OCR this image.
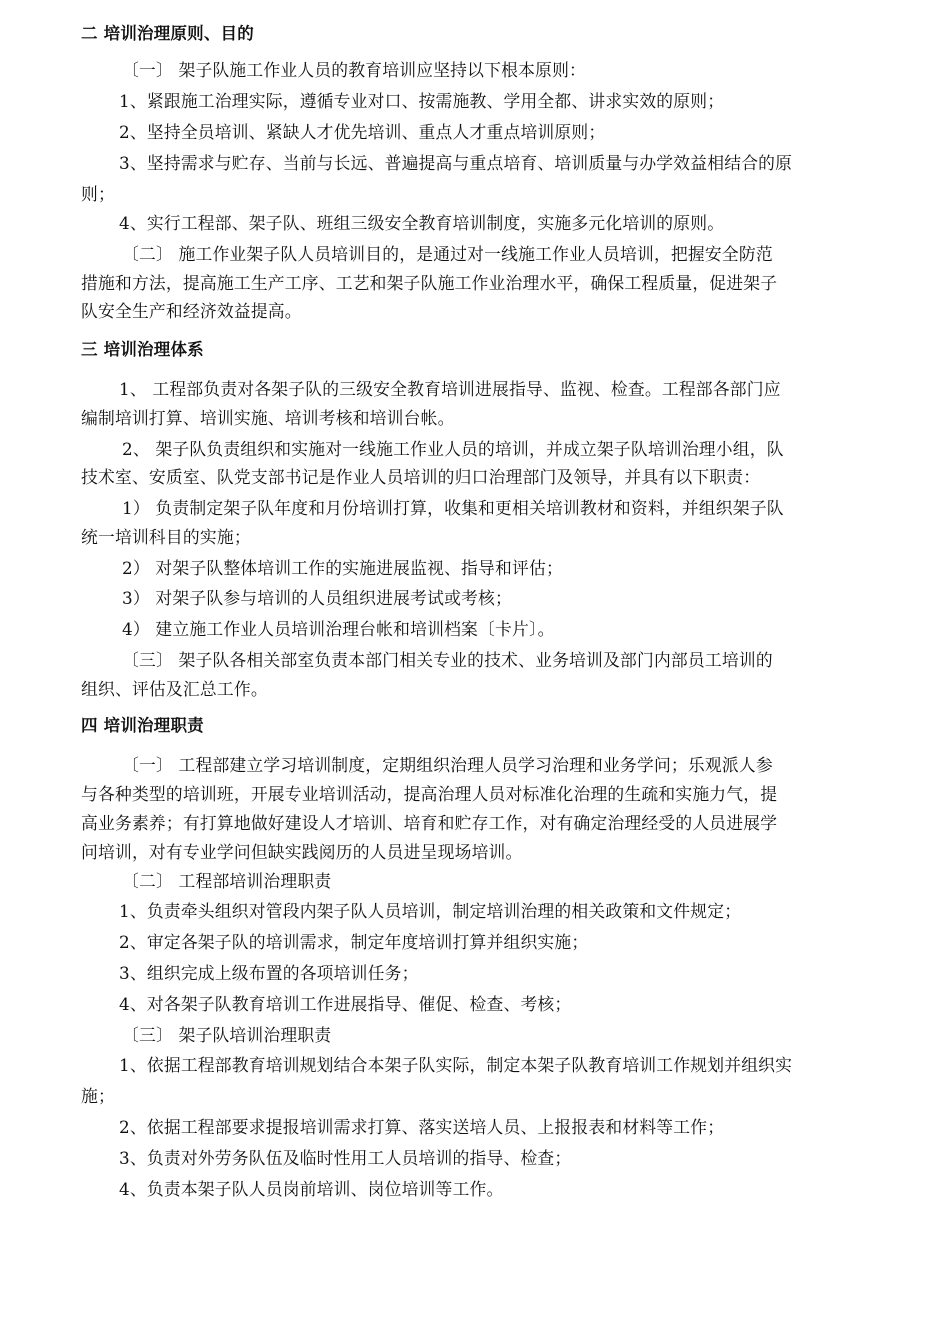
二 培训治理原则、目的
〔一〕 架子队施工作业人员的教育培训应坚持以下根本原则：
1、紧跟施工治理实际，遵循专业对口、按需施教、学用全都、讲求实效的原则；
2、坚持全员培训、紧缺人才优先培训、重点人才重点培训原则；
3、坚持需求与贮存、当前与长远、普遍提高与重点培育、培训质量与办学效益相结合的原
则；
4、实行工程部、架子队、班组三级安全教育培训制度，实施多元化培训的原则。
〔二〕 施工作业架子队人员培训目的，是通过对一线施工作业人员培训，把握安全防范
措施和方法，提高施工生产工序、工艺和架子队施工作业治理水平，确保工程质量，促进架子
队安全生产和经济效益提高。
三 培训治理体系
1、 工程部负责对各架子队的三级安全教育培训进展指导、监视、检查。工程部各部门应
编制培训打算、培训实施、培训考核和培训台帐。
2、 架子队负责组织和实施对一线施工作业人员的培训，并成立架子队培训治理小组，队
技术室、安质室、队党支部书记是作业人员培训的归口治理部门及领导，并具有以下职责：
1） 负责制定架子队年度和月份培训打算，收集和更相关培训教材和资料，并组织架子队
统一培训科目的实施；
2） 对架子队整体培训工作的实施进展监视、指导和评估；
3） 对架子队参与培训的人员组织进展考试或考核；
4） 建立施工作业人员培训治理台帐和培训档案〔卡片〕。
〔三〕 架子队各相关部室负责本部门相关专业的技术、业务培训及部门内部员工培训的
组织、评估及汇总工作。
四 培训治理职责
〔一〕 工程部建立学习培训制度，定期组织治理人员学习治理和业务学问；乐观派人参
与各种类型的培训班，开展专业培训活动，提高治理人员对标准化治理的生疏和实施力气，提
高业务素养；有打算地做好建设人才培训、培育和贮存工作，对有确定治理经受的人员进展学
问培训，对有专业学问但缺实践阅历的人员进呈现场培训。
〔二〕 工程部培训治理职责
1、负责牵头组织对管段内架子队人员培训，制定培训治理的相关政策和文件规定；
2、审定各架子队的培训需求，制定年度培训打算并组织实施；
3、组织完成上级布置的各项培训任务；
4、对各架子队教育培训工作进展指导、催促、检查、考核；
〔三〕 架子队培训治理职责
1、依据工程部教育培训规划结合本架子队实际，制定本架子队教育培训工作规划并组织实
施；
2、依据工程部要求提报培训需求打算、落实送培人员、上报报表和材料等工作；
3、负责对外劳务队伍及临时性用工人员培训的指导、检查；
4、负责本架子队人员岗前培训、岗位培训等工作。
